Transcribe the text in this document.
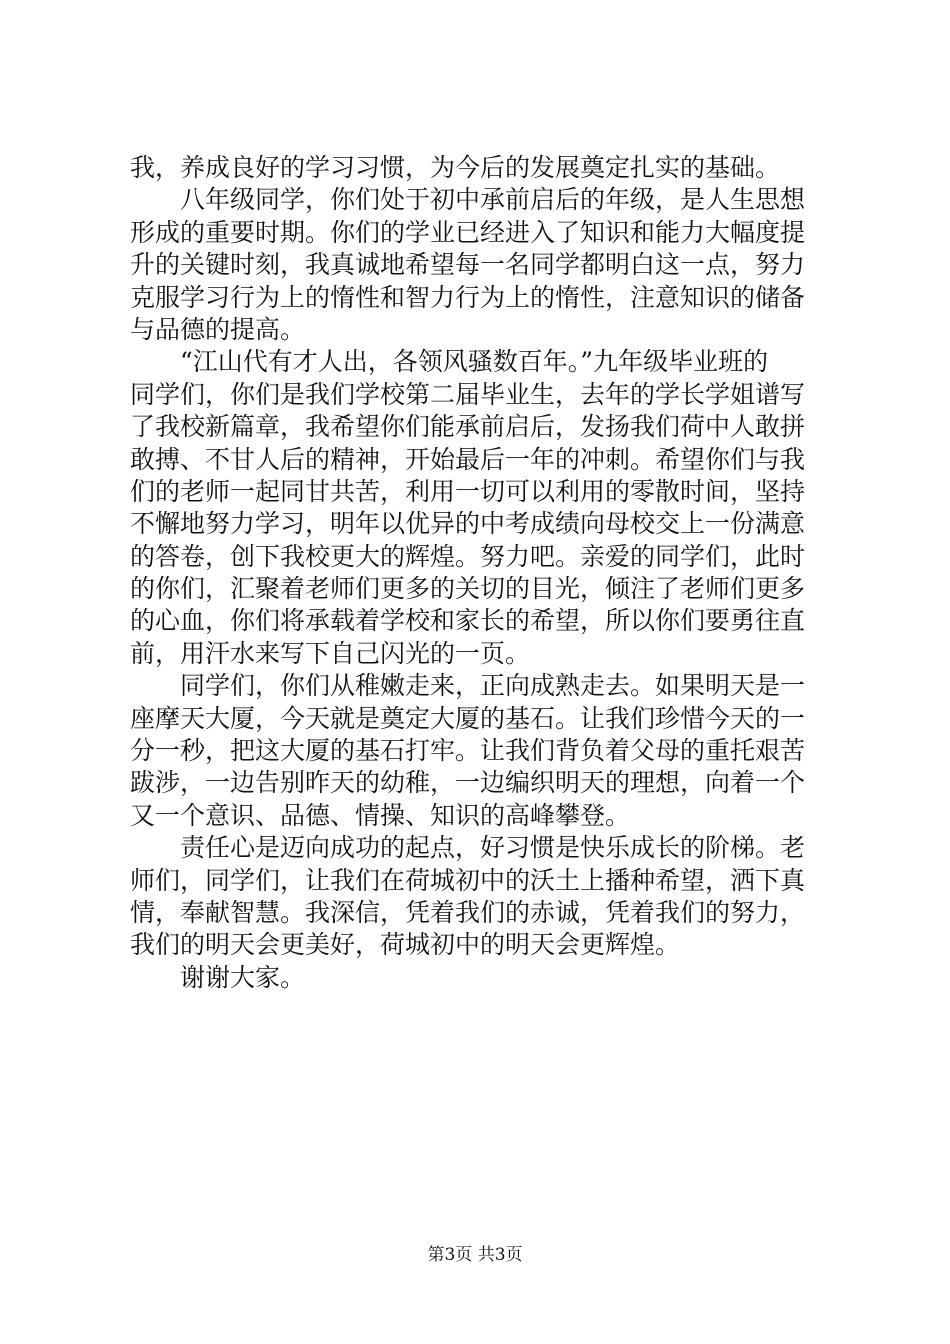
我，养成良好的学习习惯，为今后的发展奠定扎实的基础。
　　八年级同学，你们处于初中承前启后的年级，是人生思想
形成的重要时期。你们的学业已经进入了知识和能力大幅度提
升的关键时刻，我真诚地希望每一名同学都明白这一点，努力
克服学习行为上的惰性和智力行为上的惰性，注意知识的储备
与品德的提高。
　　“江山代有才人出，各领风骚数百年。”九年级毕业班的
同学们，你们是我们学校第二届毕业生，去年的学长学姐谱写
了我校新篇章，我希望你们能承前启后，发扬我们荷中人敢拼
敢搏、不甘人后的精神，开始最后一年的冲刺。希望你们与我
们的老师一起同甘共苦，利用一切可以利用的零散时间，坚持
不懈地努力学习，明年以优异的中考成绩向母校交上一份满意
的答卷，创下我校更大的辉煌。努力吧。亲爱的同学们，此时
的你们，汇聚着老师们更多的关切的目光，倾注了老师们更多
的心血，你们将承载着学校和家长的希望，所以你们要勇往直
前，用汗水来写下自己闪光的一页。
　　同学们，你们从稚嫩走来，正向成熟走去。如果明天是一
座摩天大厦，今天就是奠定大厦的基石。让我们珍惜今天的一
分一秒，把这大厦的基石打牢。让我们背负着父母的重托艰苦
跋涉，一边告别昨天的幼稚，一边编织明天的理想，向着一个
又一个意识、品德、情操、知识的高峰攀登。
　　责任心是迈向成功的起点，好习惯是快乐成长的阶梯。老
师们，同学们，让我们在荷城初中的沃土上播种希望，洒下真
情，奉献智慧。我深信，凭着我们的赤诚，凭着我们的努力，
我们的明天会更美好，荷城初中的明天会更辉煌。
　　谢谢大家。
第3页 共3页
